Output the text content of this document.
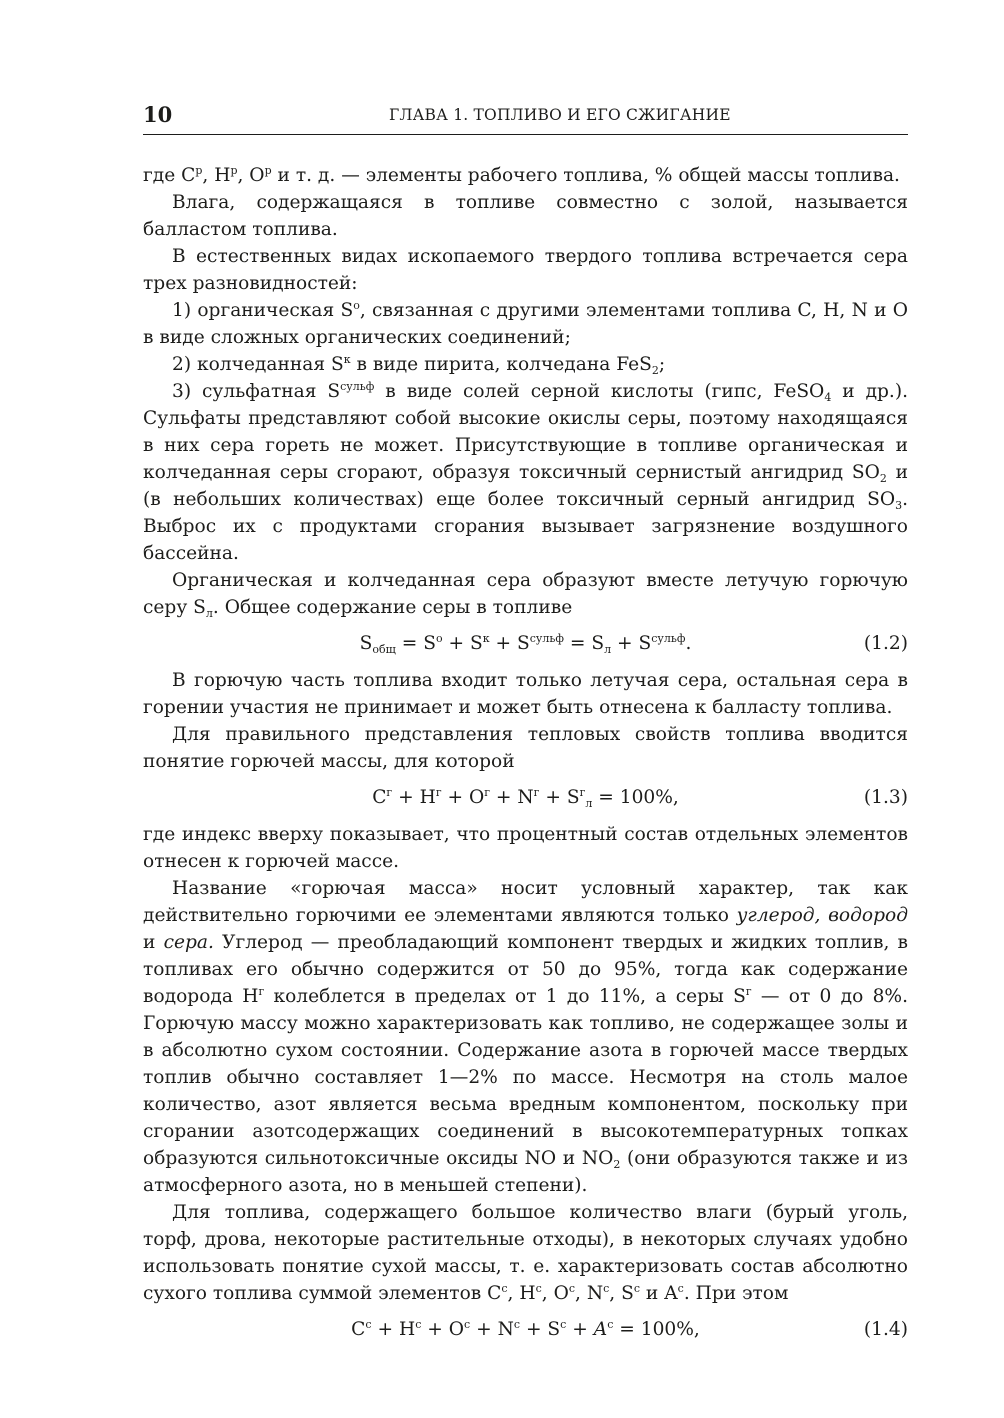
10	ГЛАВА 1. ТОПЛИВО И ЕГО СЖИГАНИЕ

где $C^р$, $H^р$, $O^р$ и т. д. — элементы рабочего топлива, % общей массы топлива.

Влага, содержащаяся в топливе совместно с золой, называется балластом топлива.

В естественных видах ископаемого твердого топлива встречается сера трех разновидностей:

1) органическая $S^о$, связанная с другими элементами топлива C, H, N и O в виде сложных органических соединений;

2) колчеданная $S^к$ в виде пирита, колчедана FeS$_2$;

3) сульфатная $S^{сульф}$ в виде солей серной кислоты (гипс, FeSO$_4$ и др.). Сульфаты представляют собой высокие окислы серы, поэтому находящаяся в них сера гореть не может. Присутствующие в топливе органическая и колчеданная серы сгорают, образуя токсичный сернистый ангидрид $SO_2$ и (в небольших количествах) еще более токсичный серный ангидрид $SO_3$. Выброс их с продуктами сгорания вызывает загрязнение воздушного бассейна.

Органическая и колчеданная сера образуют вместе летучую горючую серу $S_л$. Общее содержание серы в топливе

$S_{общ} = S^о + S^к + S^{сульф} = S_л + S^{сульф}$.	(1.2)

В горючую часть топлива входит только летучая сера, остальная сера в горении участия не принимает и может быть отнесена к балласту топлива.

Для правильного представления тепловых свойств топлива вводится понятие горючей массы, для которой

$C^г + H^г + O^г + N^г + S^г_л = 100\%$,	(1.3)

где индекс вверху показывает, что процентный состав отдельных элементов отнесен к горючей массе.

Название «горючая масса» носит условный характер, так как действительно горючими ее элементами являются только углерод, водород и сера. Углерод — преобладающий компонент твердых и жидких топлив, в топливах его обычно содержится от 50 до 95%, тогда как содержание водорода $H^г$ колеблется в пределах от 1 до 11%, а серы $S^г$ — от 0 до 8%. Горючую массу можно характеризовать как топливо, не содержащее золы и в абсолютно сухом состоянии. Содержание азота в горючей массе твердых топлив обычно составляет 1—2% по массе. Несмотря на столь малое количество, азот является весьма вредным компонентом, поскольку при сгорании азотсодержащих соединений в высокотемпературных топках образуются сильнотоксичные оксиды NO и $NO_2$ (они образуются также и из атмосферного азота, но в меньшей степени).

Для топлива, содержащего большое количество влаги (бурый уголь, торф, дрова, некоторые растительные отходы), в некоторых случаях удобно использовать понятие сухой массы, т. е. характеризовать состав абсолютно сухого топлива суммой элементов $C^с$, $H^с$, $O^с$, $N^с$, $S^с$ и $A^с$. При этом

$C^с + H^с + O^с + N^с + S^с + A^с = 100\%$,	(1.4)
